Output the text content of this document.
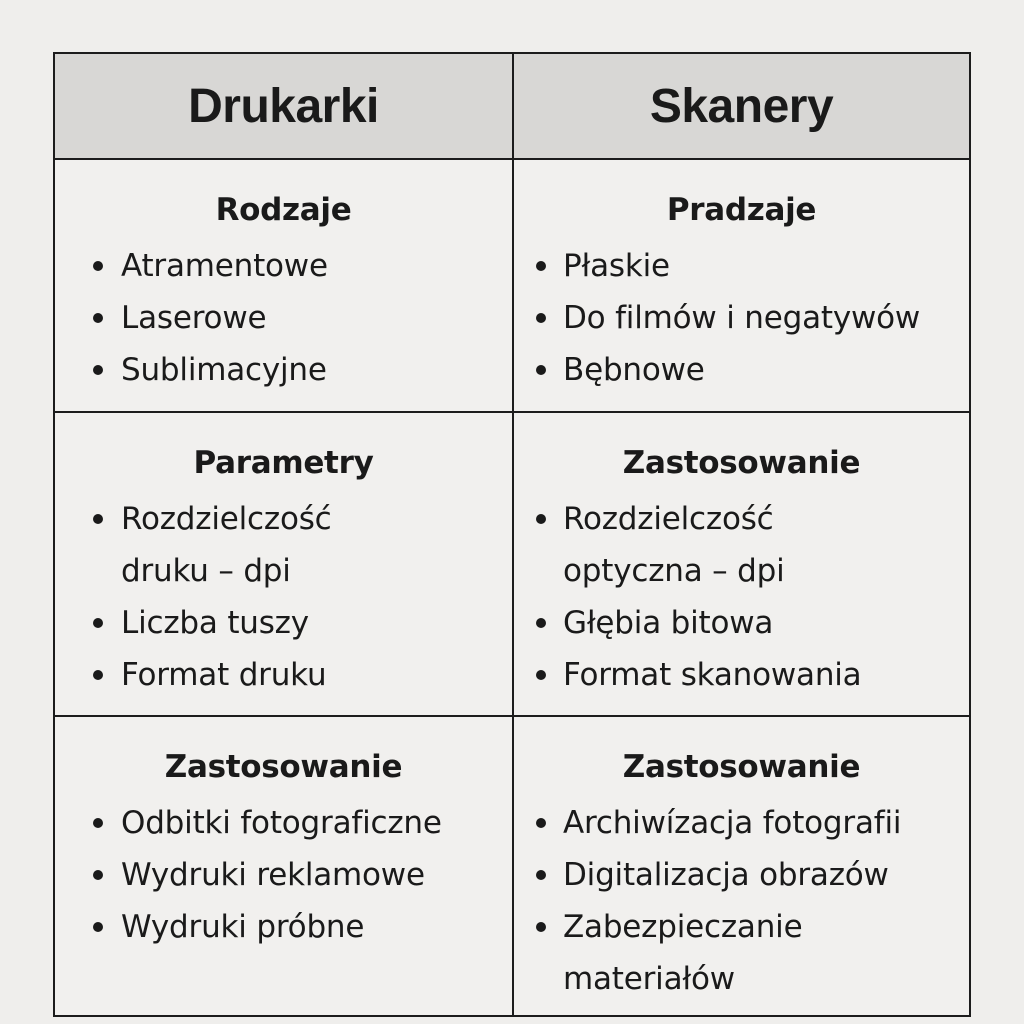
Drukarki	Skanery
Rodzaje
Atramentowe
Laserowe
Sublimacyjne
Pradzaje
Płaskie
Do filmów i negatywów
Bębnowe
Parametry
Rozdzielczość
druku – dpi
Liczba tuszy
Format druku
Zastosowanie
Rozdzielczość
optyczna – dpi
Głębia bitowa
Format skanowania
Zastosowanie
Odbitki fotograficzne
Wydruki reklamowe
Wydruki próbne
Zastosowanie
Archiwízacja fotografii
Digitalizacja obrazów
Zabezpieczanie
materiałów
